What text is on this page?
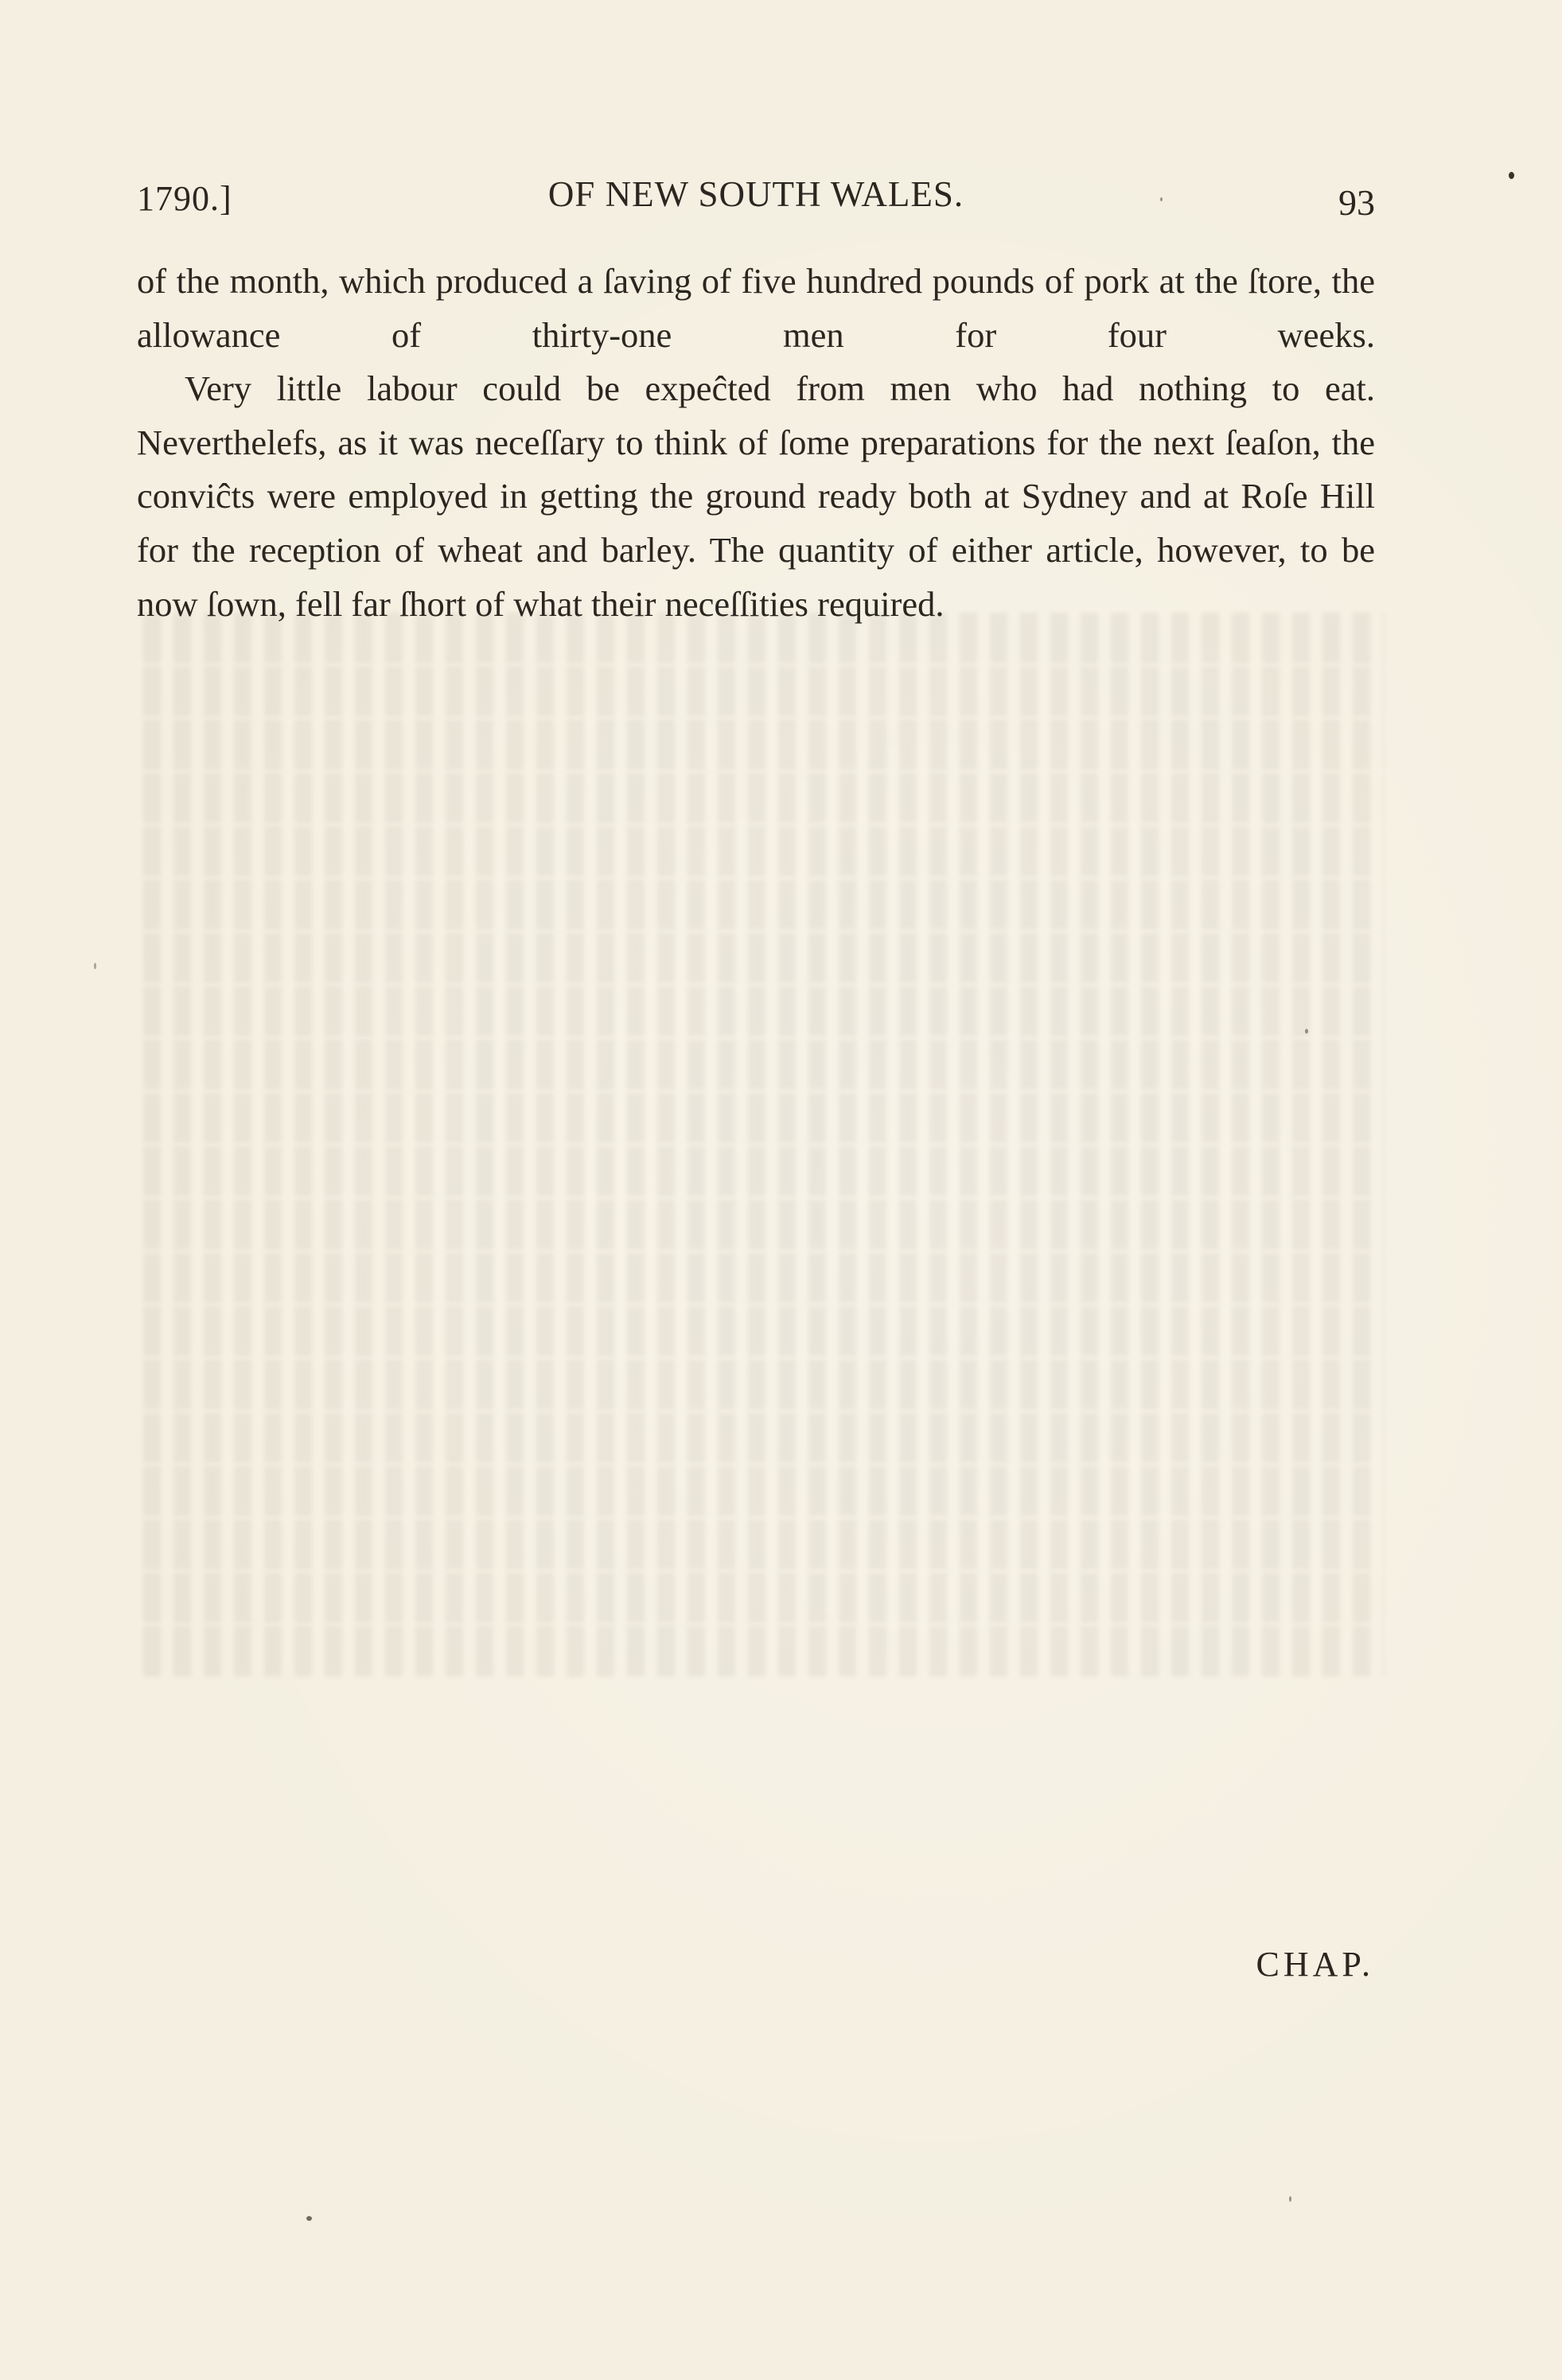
1790.]	OF NEW SOUTH WALES.	93

of the month, which produced a ſaving of five hundred pounds of pork at the ſtore, the allowance of thirty-one men for four weeks.

Very little labour could be expeĉted from men who had nothing to eat. Neverthelefs, as it was neceſſary to think of ſome preparations for the next ſeaſon, the conviĉts were employed in getting the ground ready both at Sydney and at Roſe Hill for the reception of wheat and barley. The quantity of either article, however, to be now ſown, fell far ſhort of what their neceſſities required.

CHAP.
